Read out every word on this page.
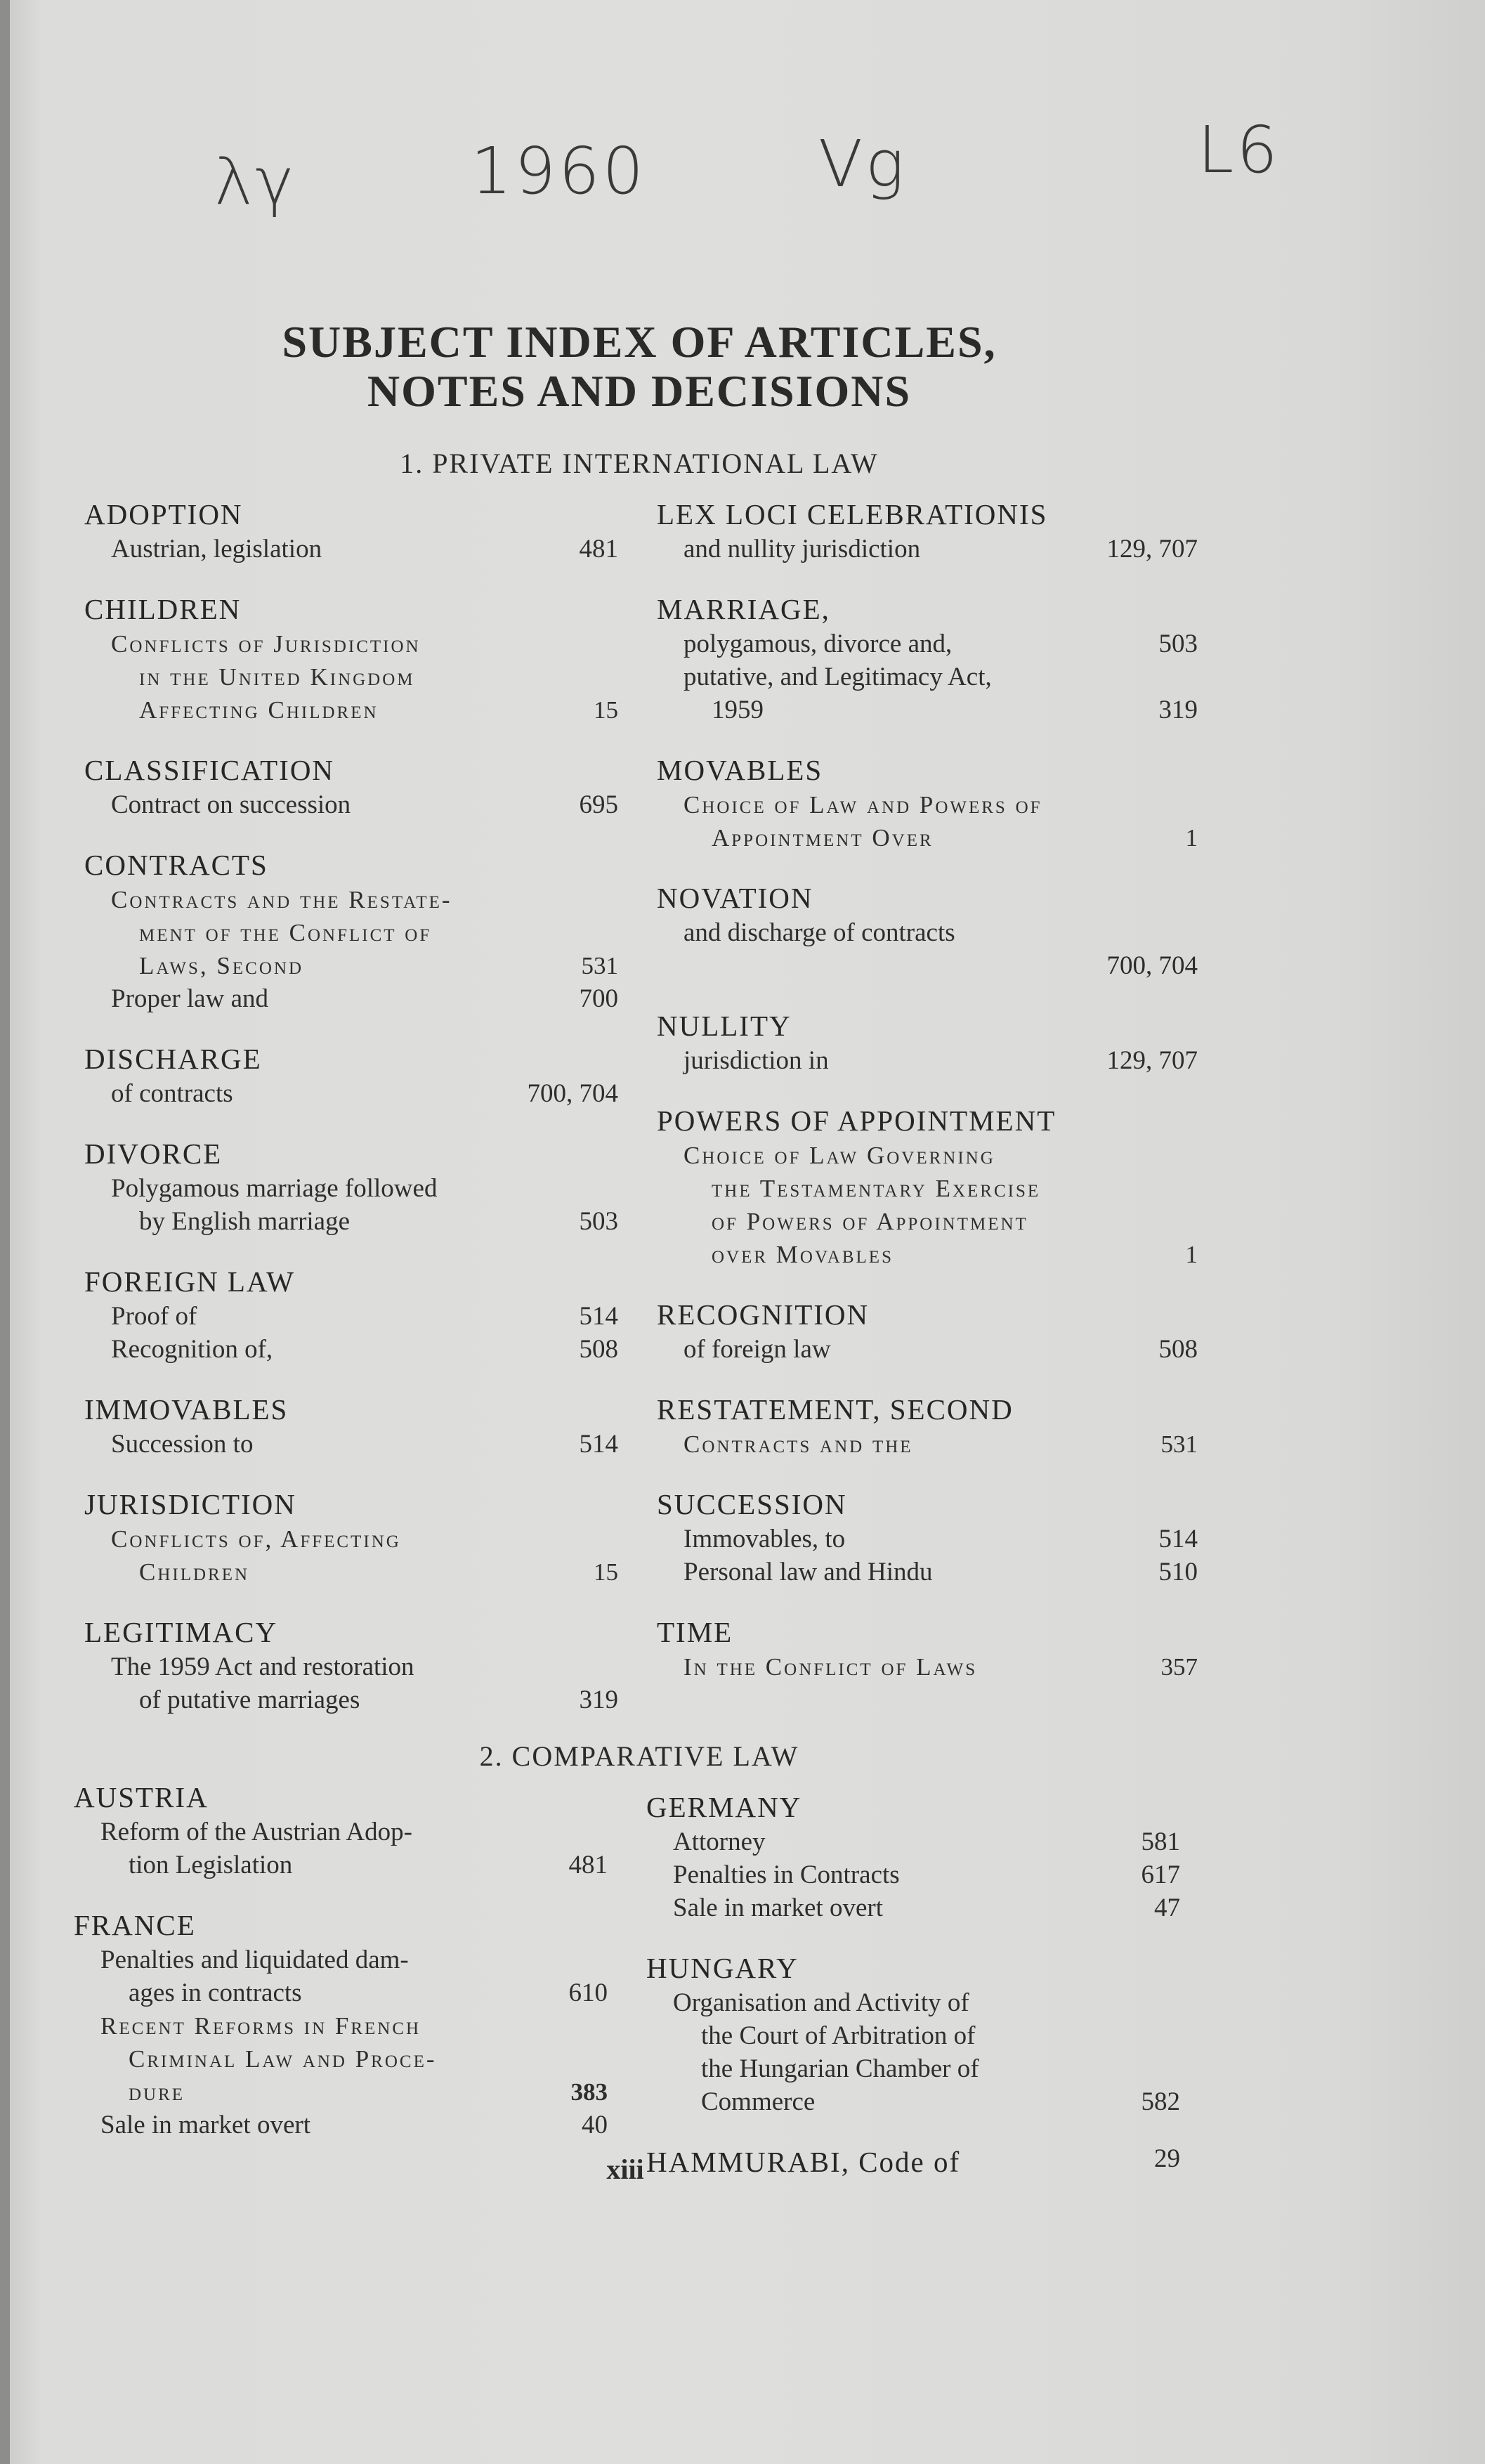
λγ	1960	Vg	L6
SUBJECT INDEX OF ARTICLES,
NOTES AND DECISIONS
1. PRIVATE INTERNATIONAL LAW
ADOPTION
Austrian, legislation	481
CHILDREN
Conflicts of Jurisdiction
in the United Kingdom
Affecting Children	15
CLASSIFICATION
Contract on succession	695
CONTRACTS
Contracts and the Restate-
ment of the Conflict of
Laws, Second	531
Proper law and	700
DISCHARGE
of contracts	700, 704
DIVORCE
Polygamous marriage followed
by English marriage	503
FOREIGN LAW
Proof of	514
Recognition of,	508
IMMOVABLES
Succession to	514
JURISDICTION
Conflicts of, Affecting
Children	15
LEGITIMACY
The 1959 Act and restoration
of putative marriages	319
LEX LOCI CELEBRATIONIS
and nullity jurisdiction	129, 707
MARRIAGE,
polygamous, divorce and,	503
putative, and Legitimacy Act,
1959	319
MOVABLES
Choice of Law and Powers of
Appointment Over	1
NOVATION
and discharge of contracts
700, 704
NULLITY
jurisdiction in	129, 707
POWERS OF APPOINTMENT
Choice of Law Governing
the Testamentary Exercise
of Powers of Appointment
over Movables	1
RECOGNITION
of foreign law	508
RESTATEMENT, SECOND
Contracts and the	531
SUCCESSION
Immovables, to	514
Personal law and Hindu	510
TIME
In the Conflict of Laws	357
2. COMPARATIVE LAW
AUSTRIA
Reform of the Austrian Adop-
tion Legislation	481
FRANCE
Penalties and liquidated dam-
ages in contracts	610
Recent Reforms in French
Criminal Law and Proce-
dure	383
Sale in market overt	40
GERMANY
Attorney	581
Penalties in Contracts	617
Sale in market overt	47
HUNGARY
Organisation and Activity of
the Court of Arbitration of
the Hungarian Chamber of
Commerce	582
HAMMURABI, Code of	29
xiii
